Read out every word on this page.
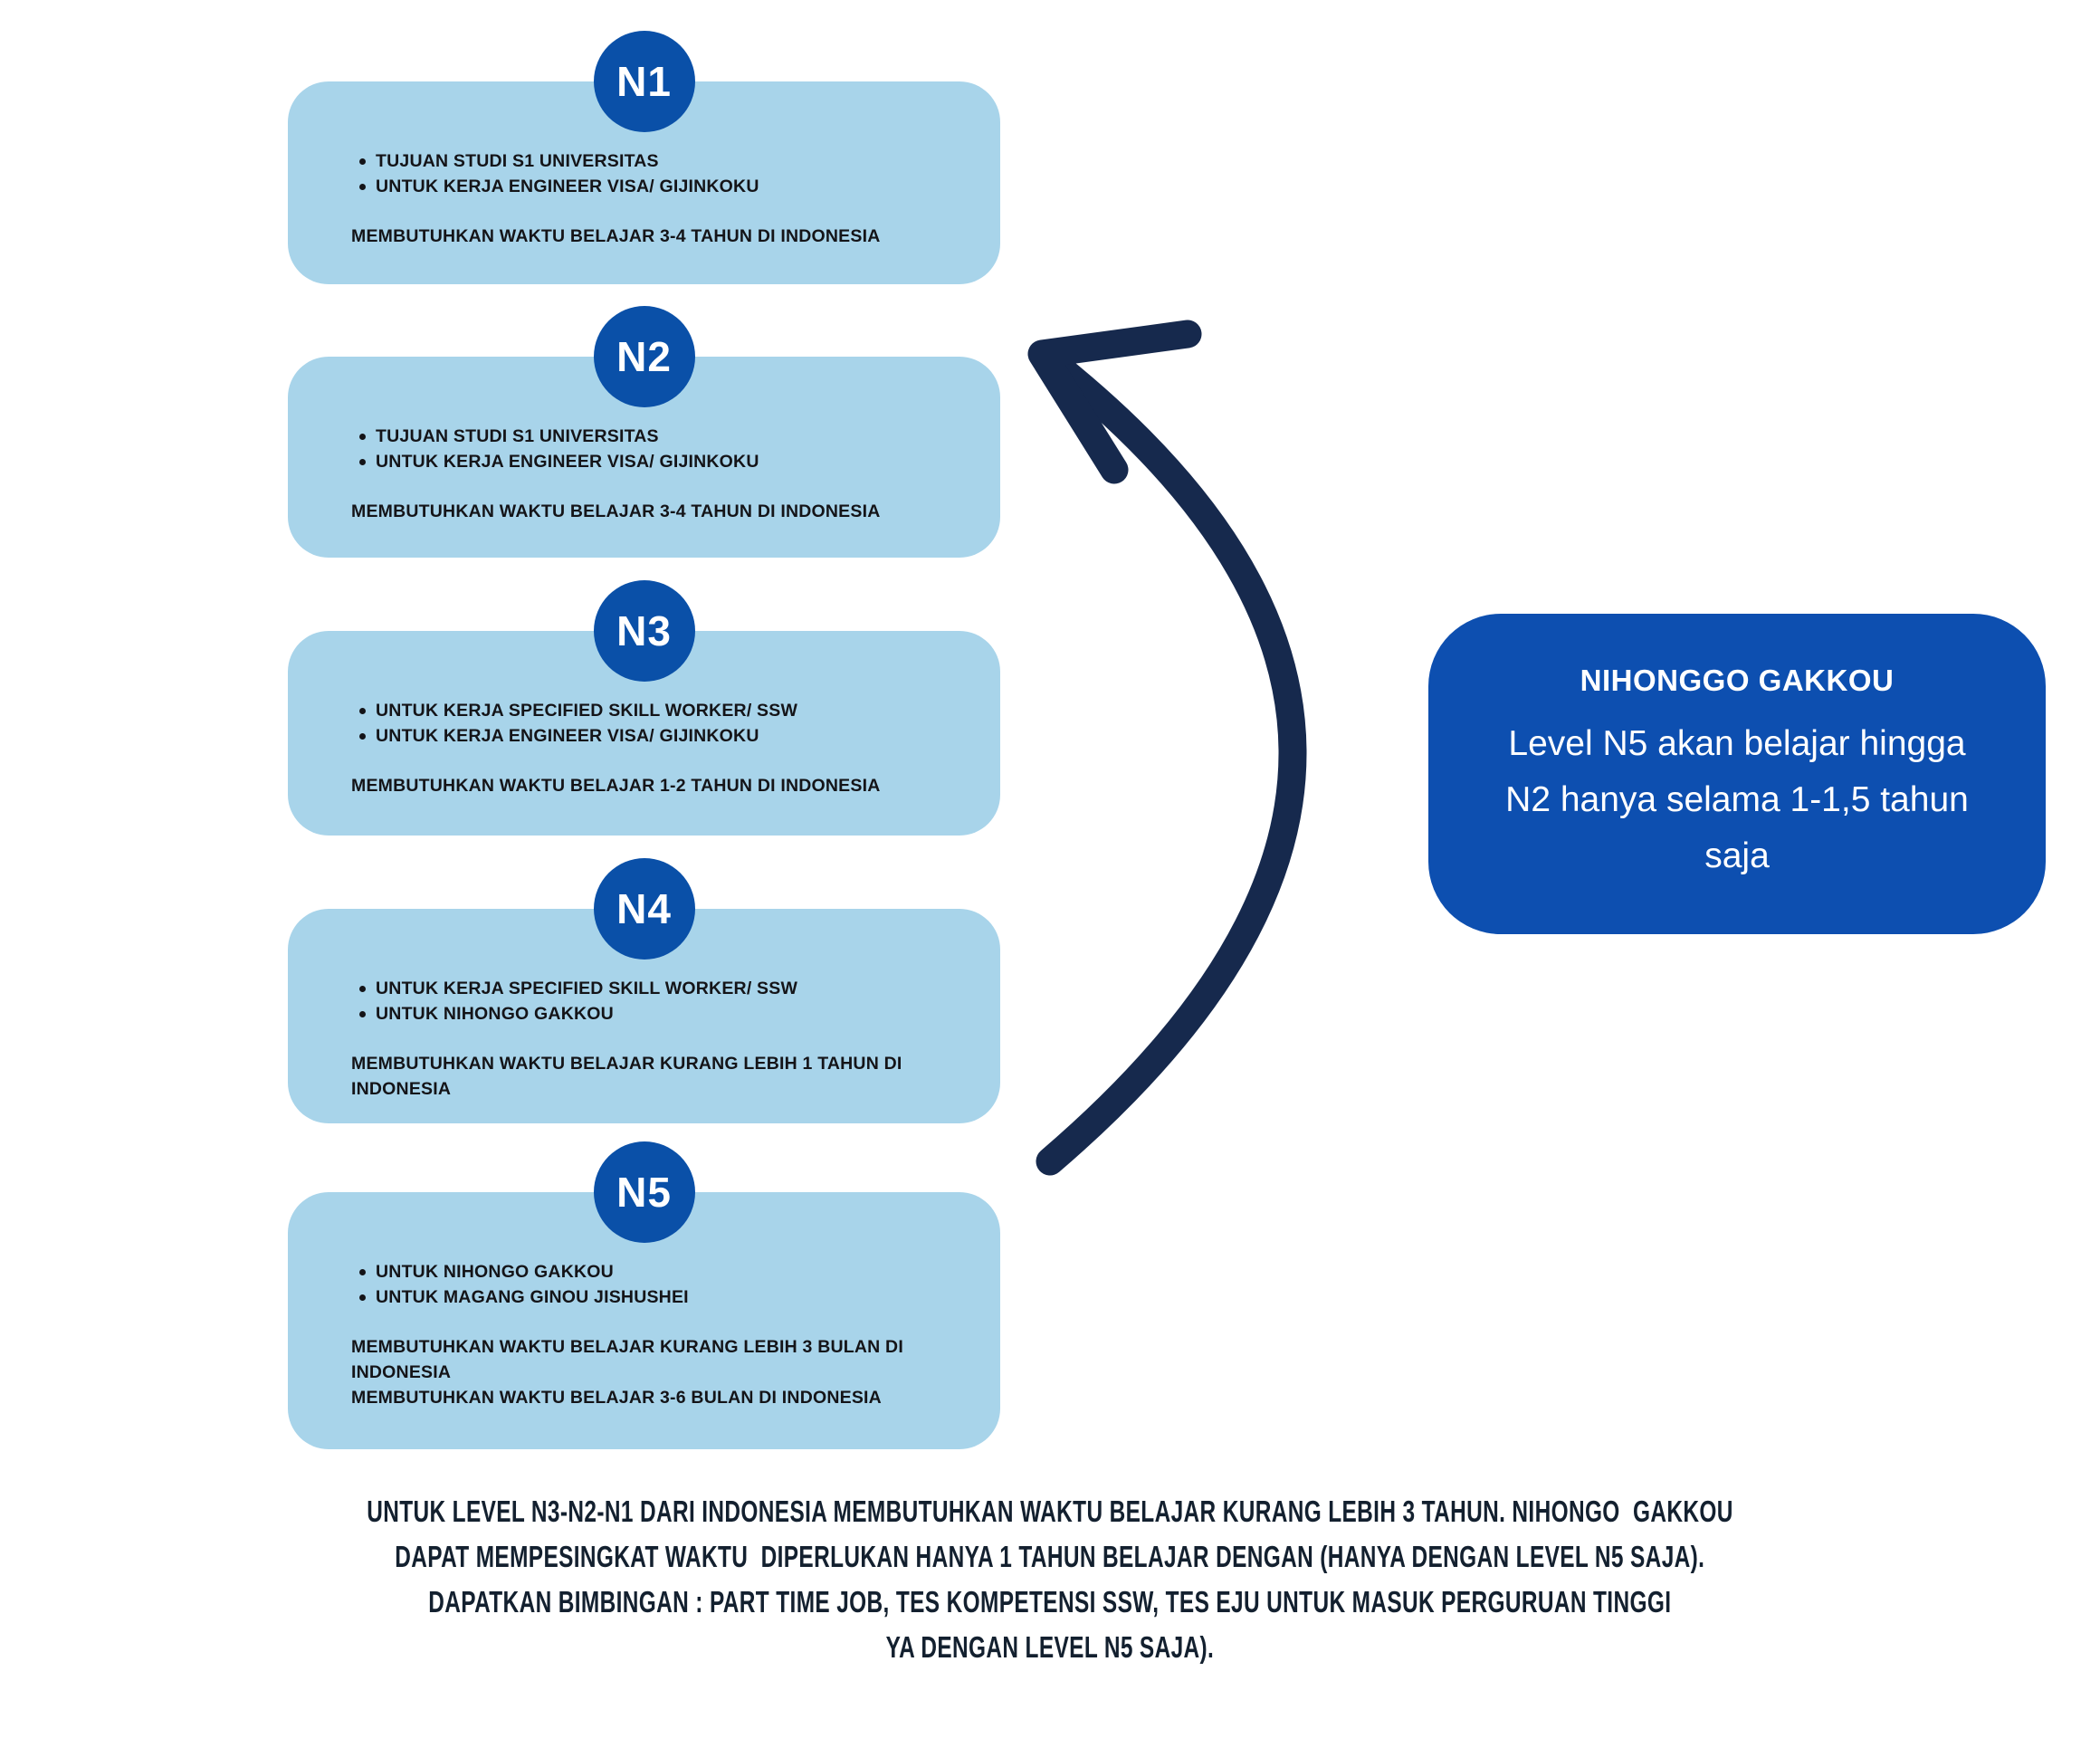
N1
TUJUAN STUDI S1 UNIVERSITAS
UNTUK KERJA ENGINEER VISA/ GIJINKOKU
MEMBUTUHKAN WAKTU BELAJAR 3-4 TAHUN DI INDONESIA
N2
TUJUAN STUDI S1 UNIVERSITAS
UNTUK KERJA ENGINEER VISA/ GIJINKOKU
MEMBUTUHKAN WAKTU BELAJAR 3-4 TAHUN DI INDONESIA
N3
UNTUK KERJA SPECIFIED SKILL WORKER/ SSW
UNTUK KERJA ENGINEER VISA/ GIJINKOKU
MEMBUTUHKAN WAKTU BELAJAR 1-2 TAHUN DI INDONESIA
N4
UNTUK KERJA SPECIFIED SKILL WORKER/ SSW
UNTUK NIHONGO GAKKOU
MEMBUTUHKAN WAKTU BELAJAR KURANG LEBIH 1 TAHUN DI INDONESIA
N5
UNTUK NIHONGO GAKKOU
UNTUK MAGANG GINOU JISHUSHEI
MEMBUTUHKAN WAKTU BELAJAR KURANG LEBIH 3 BULAN DI INDONESIA
MEMBUTUHKAN WAKTU BELAJAR 3-6 BULAN DI INDONESIA
NIHONGGO GAKKOU
Level N5 akan belajar hingga
N2 hanya selama 1-1,5 tahun
saja
UNTUK LEVEL N3-N2-N1 DARI INDONESIA MEMBUTUHKAN WAKTU BELAJAR KURANG LEBIH 3 TAHUN. NIHONGO  GAKKOU
DAPAT MEMPESINGKAT WAKTU  DIPERLUKAN HANYA 1 TAHUN BELAJAR DENGAN (HANYA DENGAN LEVEL N5 SAJA).
DAPATKAN BIMBINGAN : PART TIME JOB, TES KOMPETENSI SSW, TES EJU UNTUK MASUK PERGURUAN TINGGI
YA DENGAN LEVEL N5 SAJA).
